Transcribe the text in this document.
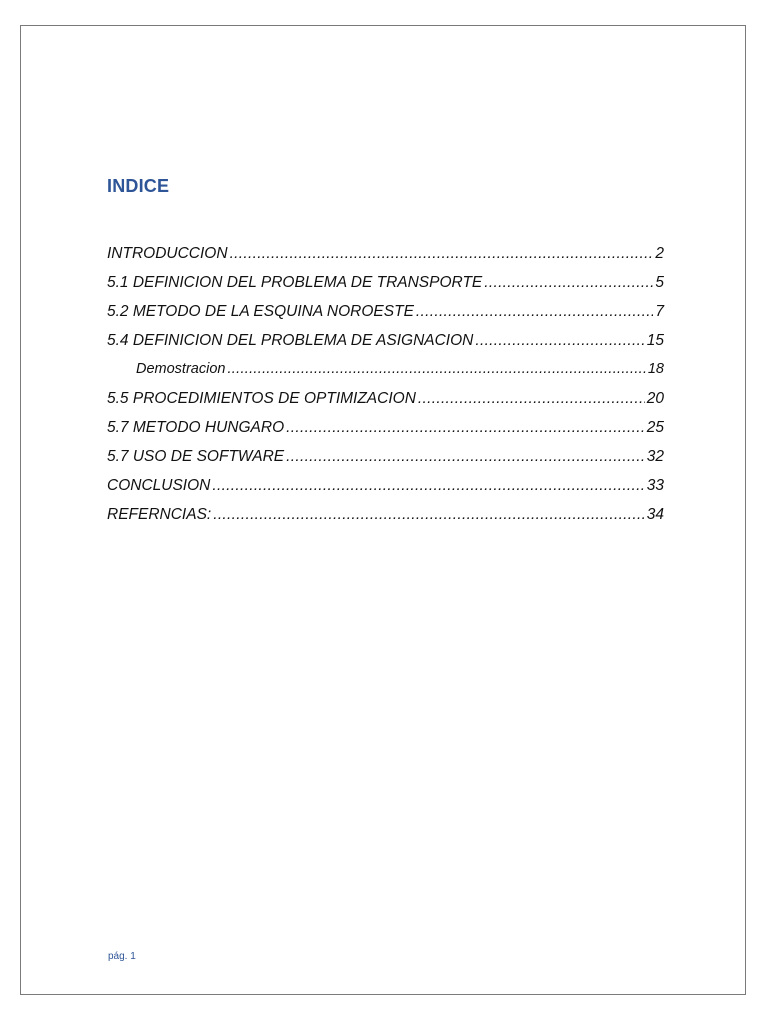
INDICE
INTRODUCCION .....	2
5.1 DEFINICION DEL PROBLEMA DE TRANSPORTE .....	5
5.2 METODO DE LA ESQUINA NOROESTE .....	7
5.4 DEFINICION DEL PROBLEMA DE ASIGNACION .....	15
Demostracion .....	18
5.5 PROCEDIMIENTOS DE OPTIMIZACION .....	20
5.7 METODO HUNGARO .....	25
5.7 USO DE SOFTWARE .....	32
CONCLUSION .....	33
REFERNCIAS: .....	34
pág. 1
